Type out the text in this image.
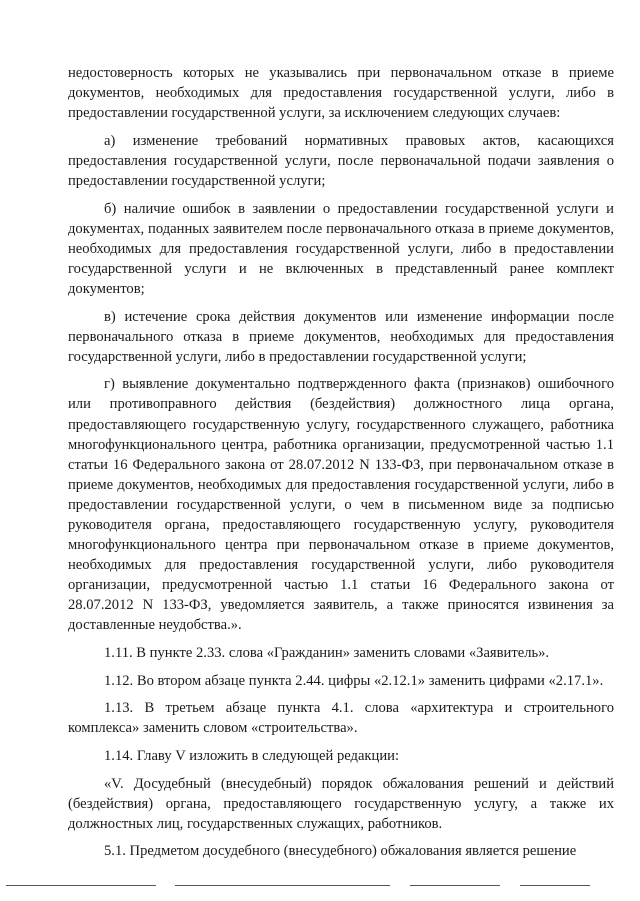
недостоверность которых не указывались при первоначальном отказе в приеме документов, необходимых для предоставления государственной услуги, либо в предоставлении государственной услуги, за исключением следующих случаев:

а) изменение требований нормативных правовых актов, касающихся предоставления государственной услуги, после первоначальной подачи заявления о предоставлении государственной услуги;

б) наличие ошибок в заявлении о предоставлении государственной услуги и документах, поданных заявителем после первоначального отказа в приеме документов, необходимых для предоставления государственной услуги, либо в предоставлении государственной услуги и не включенных в представленный ранее комплект документов;

в) истечение срока действия документов или изменение информации после первоначального отказа в приеме документов, необходимых для предоставления государственной услуги, либо в предоставлении государственной услуги;

г) выявление документально подтвержденного факта (признаков) ошибочного или противоправного действия (бездействия) должностного лица органа, предоставляющего государственную услугу, государственного служащего, работника многофункционального центра, работника организации, предусмотренной частью 1.1 статьи 16 Федерального закона от 28.07.2012 N 133-ФЗ, при первоначальном отказе в приеме документов, необходимых для предоставления государственной услуги, либо в предоставлении государственной услуги, о чем в письменном виде за подписью руководителя органа, предоставляющего государственную услугу, руководителя многофункционального центра при первоначальном отказе в приеме документов, необходимых для предоставления государственной услуги, либо руководителя организации, предусмотренной частью 1.1 статьи 16 Федерального закона от 28.07.2012 N 133-ФЗ, уведомляется заявитель, а также приносятся извинения за доставленные неудобства.».

1.11. В пункте 2.33. слова «Гражданин» заменить словами «Заявитель».

1.12. Во втором абзаце пункта 2.44. цифры «2.12.1» заменить цифрами «2.17.1».

1.13. В третьем абзаце пункта 4.1. слова «архитектура и строительного комплекса» заменить словом «строительства».

1.14. Главу V изложить в следующей редакции:

«V. Досудебный (внесудебный) порядок обжалования решений и действий (бездействия) органа, предоставляющего государственную услугу, а также их должностных лиц, государственных служащих, работников.

5.1. Предметом досудебного (внесудебного) обжалования является решение
